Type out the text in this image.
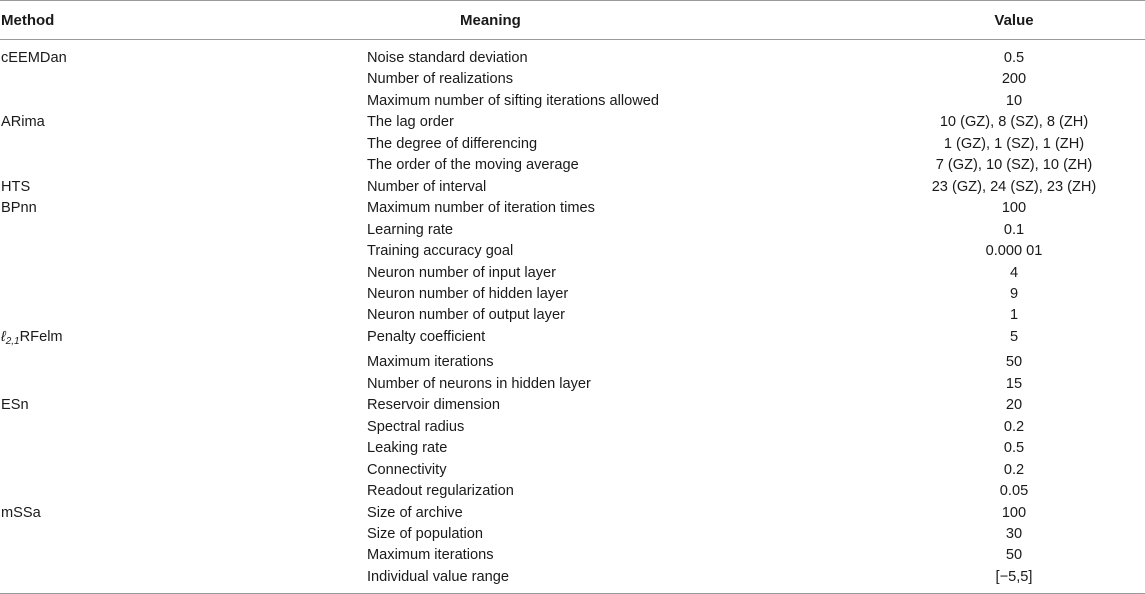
Method	Meaning	Value
cEEMDan	Noise standard deviation	0.5
	Number of realizations	200
	Maximum number of sifting iterations allowed	10
ARima	The lag order	10 (GZ), 8 (SZ), 8 (ZH)
	The degree of differencing	1 (GZ), 1 (SZ), 1 (ZH)
	The order of the moving average	7 (GZ), 10 (SZ), 10 (ZH)
HTS	Number of interval	23 (GZ), 24 (SZ), 23 (ZH)
BPnn	Maximum number of iteration times	100
	Learning rate	0.1
	Training accuracy goal	0.000 01
	Neuron number of input layer	4
	Neuron number of hidden layer	9
	Neuron number of output layer	1
ℓ$_{2,1}$RFelm	Penalty coefficient	5
	Maximum iterations	50
	Number of neurons in hidden layer	15
ESn	Reservoir dimension	20
	Spectral radius	0.2
	Leaking rate	0.5
	Connectivity	0.2
	Readout regularization	0.05
mSSa	Size of archive	100
	Size of population	30
	Maximum iterations	50
	Individual value range	[−5,5]
